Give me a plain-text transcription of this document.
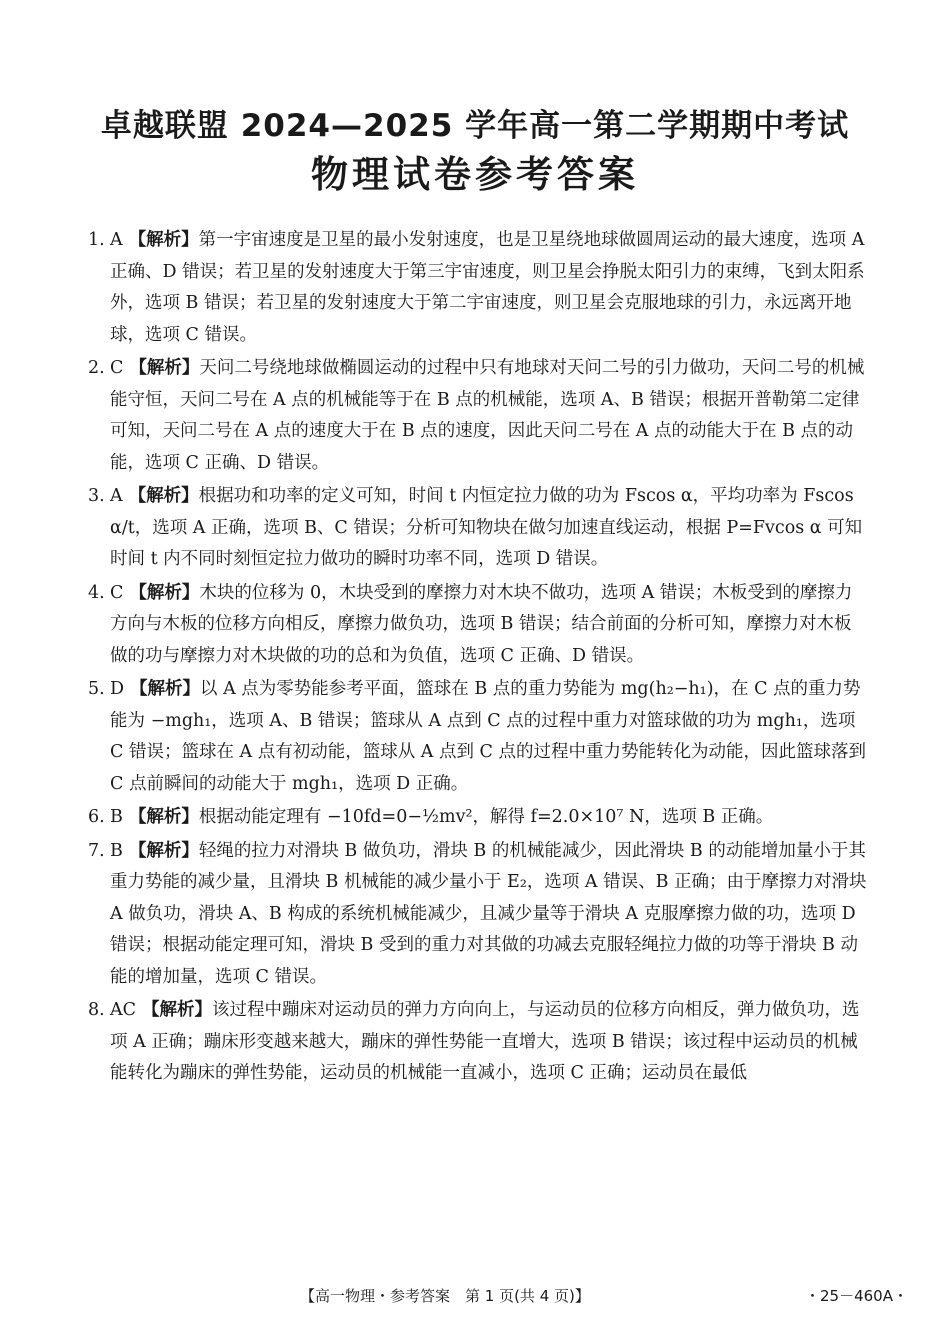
卓越联盟 2024—2025 学年高一第二学期期中考试
物理试卷参考答案
1. A 【解析】第一宇宙速度是卫星的最小发射速度，也是卫星绕地球做圆周运动的最大速度，选项 A 正确、D 错误；若卫星的发射速度大于第三宇宙速度，则卫星会挣脱太阳引力的束缚，飞到太阳系外，选项 B 错误；若卫星的发射速度大于第二宇宙速度，则卫星会克服地球的引力，永远离开地球，选项 C 错误。
2. C 【解析】天问二号绕地球做椭圆运动的过程中只有地球对天问二号的引力做功，天问二号的机械能守恒，天问二号在 A 点的机械能等于在 B 点的机械能，选项 A、B 错误；根据开普勒第二定律可知，天问二号在 A 点的速度大于在 B 点的速度，因此天问二号在 A 点的动能大于在 B 点的动能，选项 C 正确、D 错误。
3. A 【解析】根据功和功率的定义可知，时间 t 内恒定拉力做的功为 Fscos α，平均功率为 Fscos α/t，选项 A 正确，选项 B、C 错误；分析可知物块在做匀加速直线运动，根据 P=Fvcos α 可知时间 t 内不同时刻恒定拉力做功的瞬时功率不同，选项 D 错误。
4. C 【解析】木块的位移为 0，木块受到的摩擦力对木块不做功，选项 A 错误；木板受到的摩擦力方向与木板的位移方向相反，摩擦力做负功，选项 B 错误；结合前面的分析可知，摩擦力对木板做的功与摩擦力对木块做的功的总和为负值，选项 C 正确、D 错误。
5. D 【解析】以 A 点为零势能参考平面，篮球在 B 点的重力势能为 mg(h₂−h₁)，在 C 点的重力势能为 −mgh₁，选项 A、B 错误；篮球从 A 点到 C 点的过程中重力对篮球做的功为 mgh₁，选项 C 错误；篮球在 A 点有初动能，篮球从 A 点到 C 点的过程中重力势能转化为动能，因此篮球落到 C 点前瞬间的动能大于 mgh₁，选项 D 正确。
6. B 【解析】根据动能定理有 −10fd=0−½mv²，解得 f=2.0×10⁷ N，选项 B 正确。
7. B 【解析】轻绳的拉力对滑块 B 做负功，滑块 B 的机械能减少，因此滑块 B 的动能增加量小于其重力势能的减少量，且滑块 B 机械能的减少量小于 E₂，选项 A 错误、B 正确；由于摩擦力对滑块 A 做负功，滑块 A、B 构成的系统机械能减少，且减少量等于滑块 A 克服摩擦力做的功，选项 D 错误；根据动能定理可知，滑块 B 受到的重力对其做的功减去克服轻绳拉力做的功等于滑块 B 动能的增加量，选项 C 错误。
8. AC 【解析】该过程中蹦床对运动员的弹力方向向上，与运动员的位移方向相反，弹力做负功，选项 A 正确；蹦床形变越来越大，蹦床的弹性势能一直增大，选项 B 错误；该过程中运动员的机械能转化为蹦床的弹性势能，运动员的机械能一直减小，选项 C 正确；运动员在最低
【高一物理・参考答案　第 1 页(共 4 页)】	・25－460A・
